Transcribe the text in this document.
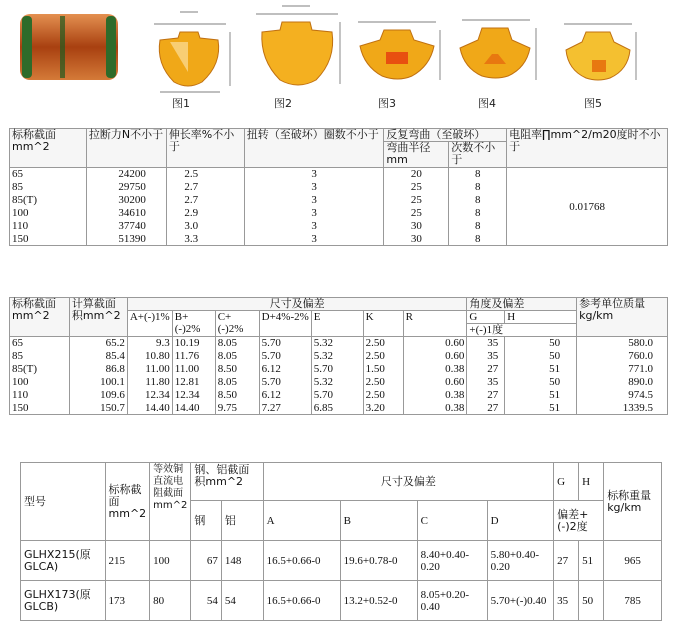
图1	图2	图3	图4	图5
标称截面mm^2	拉断力N不小于	伸长率%不小于	扭转（至破坏）圈数不小于	反复弯曲（至破坏）		电阻率∏mm^2/m20度时不小于
				弯曲半径mm	次数不小于	
65	24200	2.5	3	20	8	0.01768
85	29750	2.7	3	25	8	
85(T)	30200	2.7	3	25	8	
100	34610	2.9	3	25	8	
110	37740	3.0	3	30	8	
150	51390	3.3	3	30	8	
标称截面mm^2	计算截面积mm^2	尺寸及偏差							角度及偏差		参考单位质量kg/km
		A+(-)1%	B+(-)2%	C+(-)2%	D+4%-2%	E	K	R	G	H	
									+(-)1度		
65	65.2	9.3	10.19	8.05	5.70	5.32	2.50	0.60	35	50	580.0
85	85.4	10.80	11.76	8.05	5.70	5.32	2.50	0.60	35	50	760.0
85(T)	86.8	11.00	11.00	8.50	6.12	5.70	1.50	0.38	27	51	771.0
100	100.1	11.80	12.81	8.05	5.70	5.32	2.50	0.60	35	50	890.0
110	109.6	12.34	12.34	8.50	6.12	5.70	2.50	0.38	27	51	974.5
150	150.7	14.40	14.40	9.75	7.27	6.85	3.20	0.38	27	51	1339.5
型号	标称截面mm^2	等效铜直流电阻截面mm^2	钢、铝截面积mm^2		尺寸及偏差				G	H	标称重量kg/km
			钢	铝	A	B	C	D	偏差+(-)2度		
GLHX215(原GLCA)	215	100	67	148	16.5+0.66-0	19.6+0.78-0	8.40+0.40-0.20	5.80+0.40-0.20	27	51	965
GLHX173(原GLCB)	173	80	54	54	16.5+0.66-0	13.2+0.52-0	8.05+0.20-0.40	5.70+(-)0.40	35	50	785
